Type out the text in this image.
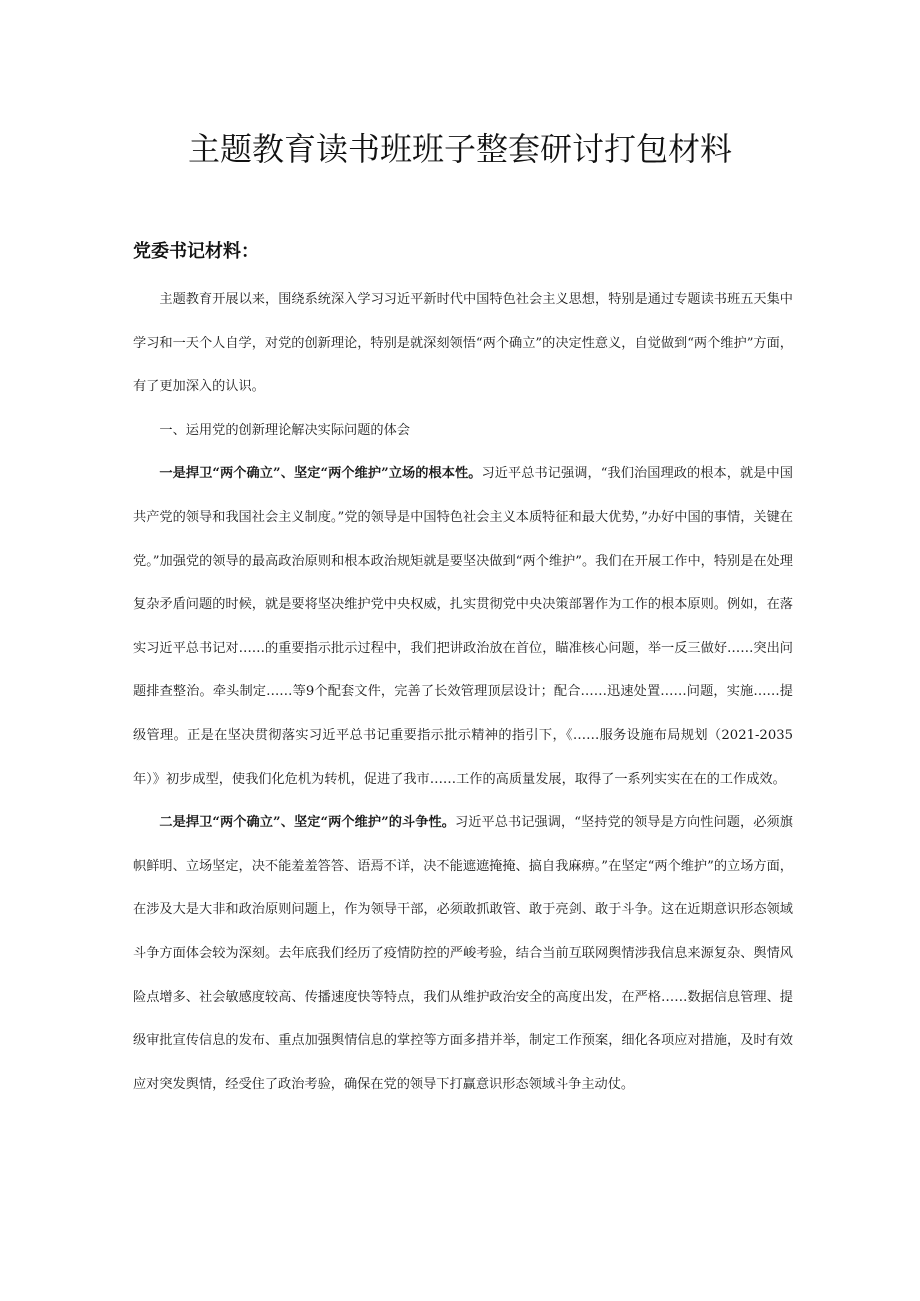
主题教育读书班班子整套研讨打包材料
党委书记材料：

主题教育开展以来，围绕系统深入学习习近平新时代中国特色社会主义思想，特别是通过专题读书班五天集中学习和一天个人自学，对党的创新理论，特别是就深刻领悟“两个确立”的决定性意义，自觉做到“两个维护”方面，有了更加深入的认识。

一、运用党的创新理论解决实际问题的体会

一是捍卫“两个确立”、坚定“两个维护”立场的根本性。习近平总书记强调，“我们治国理政的根本，就是中国共产党的领导和我国社会主义制度。”党的领导是中国特色社会主义本质特征和最大优势，”办好中国的事情，关键在党。”加强党的领导的最高政治原则和根本政治规矩就是要坚决做到“两个维护”。我们在开展工作中，特别是在处理复杂矛盾问题的时候，就是要将坚决维护党中央权威，扎实贯彻党中央决策部署作为工作的根本原则。例如，在落实习近平总书记对……的重要指示批示过程中，我们把讲政治放在首位，瞄准核心问题，举一反三做好……突出问题排查整治。牵头制定……等9个配套文件，完善了长效管理顶层设计；配合……迅速处置……问题，实施……提级管理。正是在坚决贯彻落实习近平总书记重要指示批示精神的指引下，《……服务设施布局规划（2021-2035年）》初步成型，使我们化危机为转机，促进了我市……工作的高质量发展，取得了一系列实实在在的工作成效。

二是捍卫“两个确立”、坚定“两个维护”的斗争性。习近平总书记强调，“坚持党的领导是方向性问题，必须旗帜鲜明、立场坚定，决不能羞羞答答、语焉不详，决不能遮遮掩掩、搞自我麻痹。”在坚定“两个维护”的立场方面，在涉及大是大非和政治原则问题上，作为领导干部，必须敢抓敢管、敢于亮剑、敢于斗争。这在近期意识形态领域斗争方面体会较为深刻。去年底我们经历了疫情防控的严峻考验，结合当前互联网舆情涉我信息来源复杂、舆情风险点增多、社会敏感度较高、传播速度快等特点，我们从维护政治安全的高度出发，在严格……数据信息管理、提级审批宣传信息的发布、重点加强舆情信息的掌控等方面多措并举，制定工作预案，细化各项应对措施，及时有效应对突发舆情，经受住了政治考验，确保在党的领导下打赢意识形态领域斗争主动仗。
